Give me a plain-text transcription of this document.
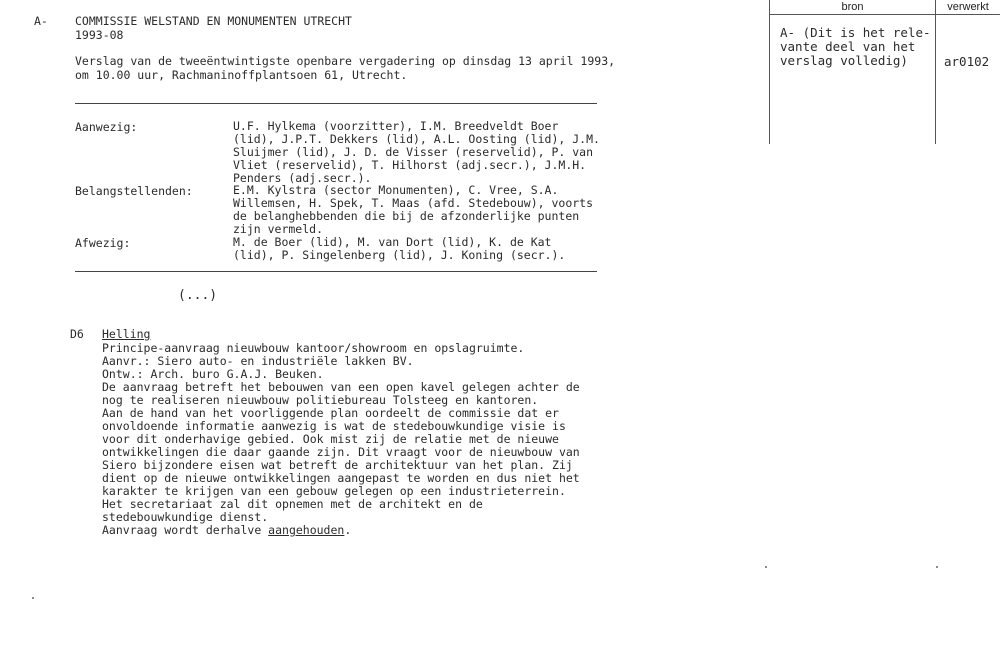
A- COMMISSIE WELSTAND EN MONUMENTEN UTRECHT
1993-08
Verslag van de tweeëntwintigste openbare vergadering op dinsdag 13 april 1993,
om 10.00 uur, Rachmaninoffplantsoen 61, Utrecht.
Aanwezig:	U.F. Hylkema (voorzitter), I.M. Breedveldt Boer
(lid), J.P.T. Dekkers (lid), A.L. Oosting (lid), J.M.
Sluijmer (lid), J. D. de Visser (reservelid), P. van
Vliet (reservelid), T. Hilhorst (adj.secr.), J.M.H.
Penders (adj.secr.).
Belangstellenden:	E.M. Kylstra (sector Monumenten), C. Vree, S.A.
Willemsen, H. Spek, T. Maas (afd. Stedebouw), voorts
de belanghebbenden die bij de afzonderlijke punten
zijn vermeld.
Afwezig:	M. de Boer (lid), M. van Dort (lid), K. de Kat
(lid), P. Singelenberg (lid), J. Koning (secr.).
(...)
D6 Helling
Principe-aanvraag nieuwbouw kantoor/showroom en opslagruimte.
Aanvr.: Siero auto- en industriële lakken BV.
Ontw.: Arch. buro G.A.J. Beuken.
De aanvraag betreft het bebouwen van een open kavel gelegen achter de
nog te realiseren nieuwbouw politiebureau Tolsteeg en kantoren.
Aan de hand van het voorliggende plan oordeelt de commissie dat er
onvoldoende informatie aanwezig is wat de stedebouwkundige visie is
voor dit onderhavige gebied. Ook mist zij de relatie met de nieuwe
ontwikkelingen die daar gaande zijn. Dit vraagt voor de nieuwbouw van
Siero bijzondere eisen wat betreft de architektuur van het plan. Zij
dient op de nieuwe ontwikkelingen aangepast te worden en dus niet het
karakter te krijgen van een gebouw gelegen op een industrieterrein.
Het secretariaat zal dit opnemen met de architekt en de
stedebouwkundige dienst.
Aanvraag wordt derhalve aangehouden.
bron	verwerkt
A- (Dit is het rele-
vante deel van het
verslag volledig)	ar0102
